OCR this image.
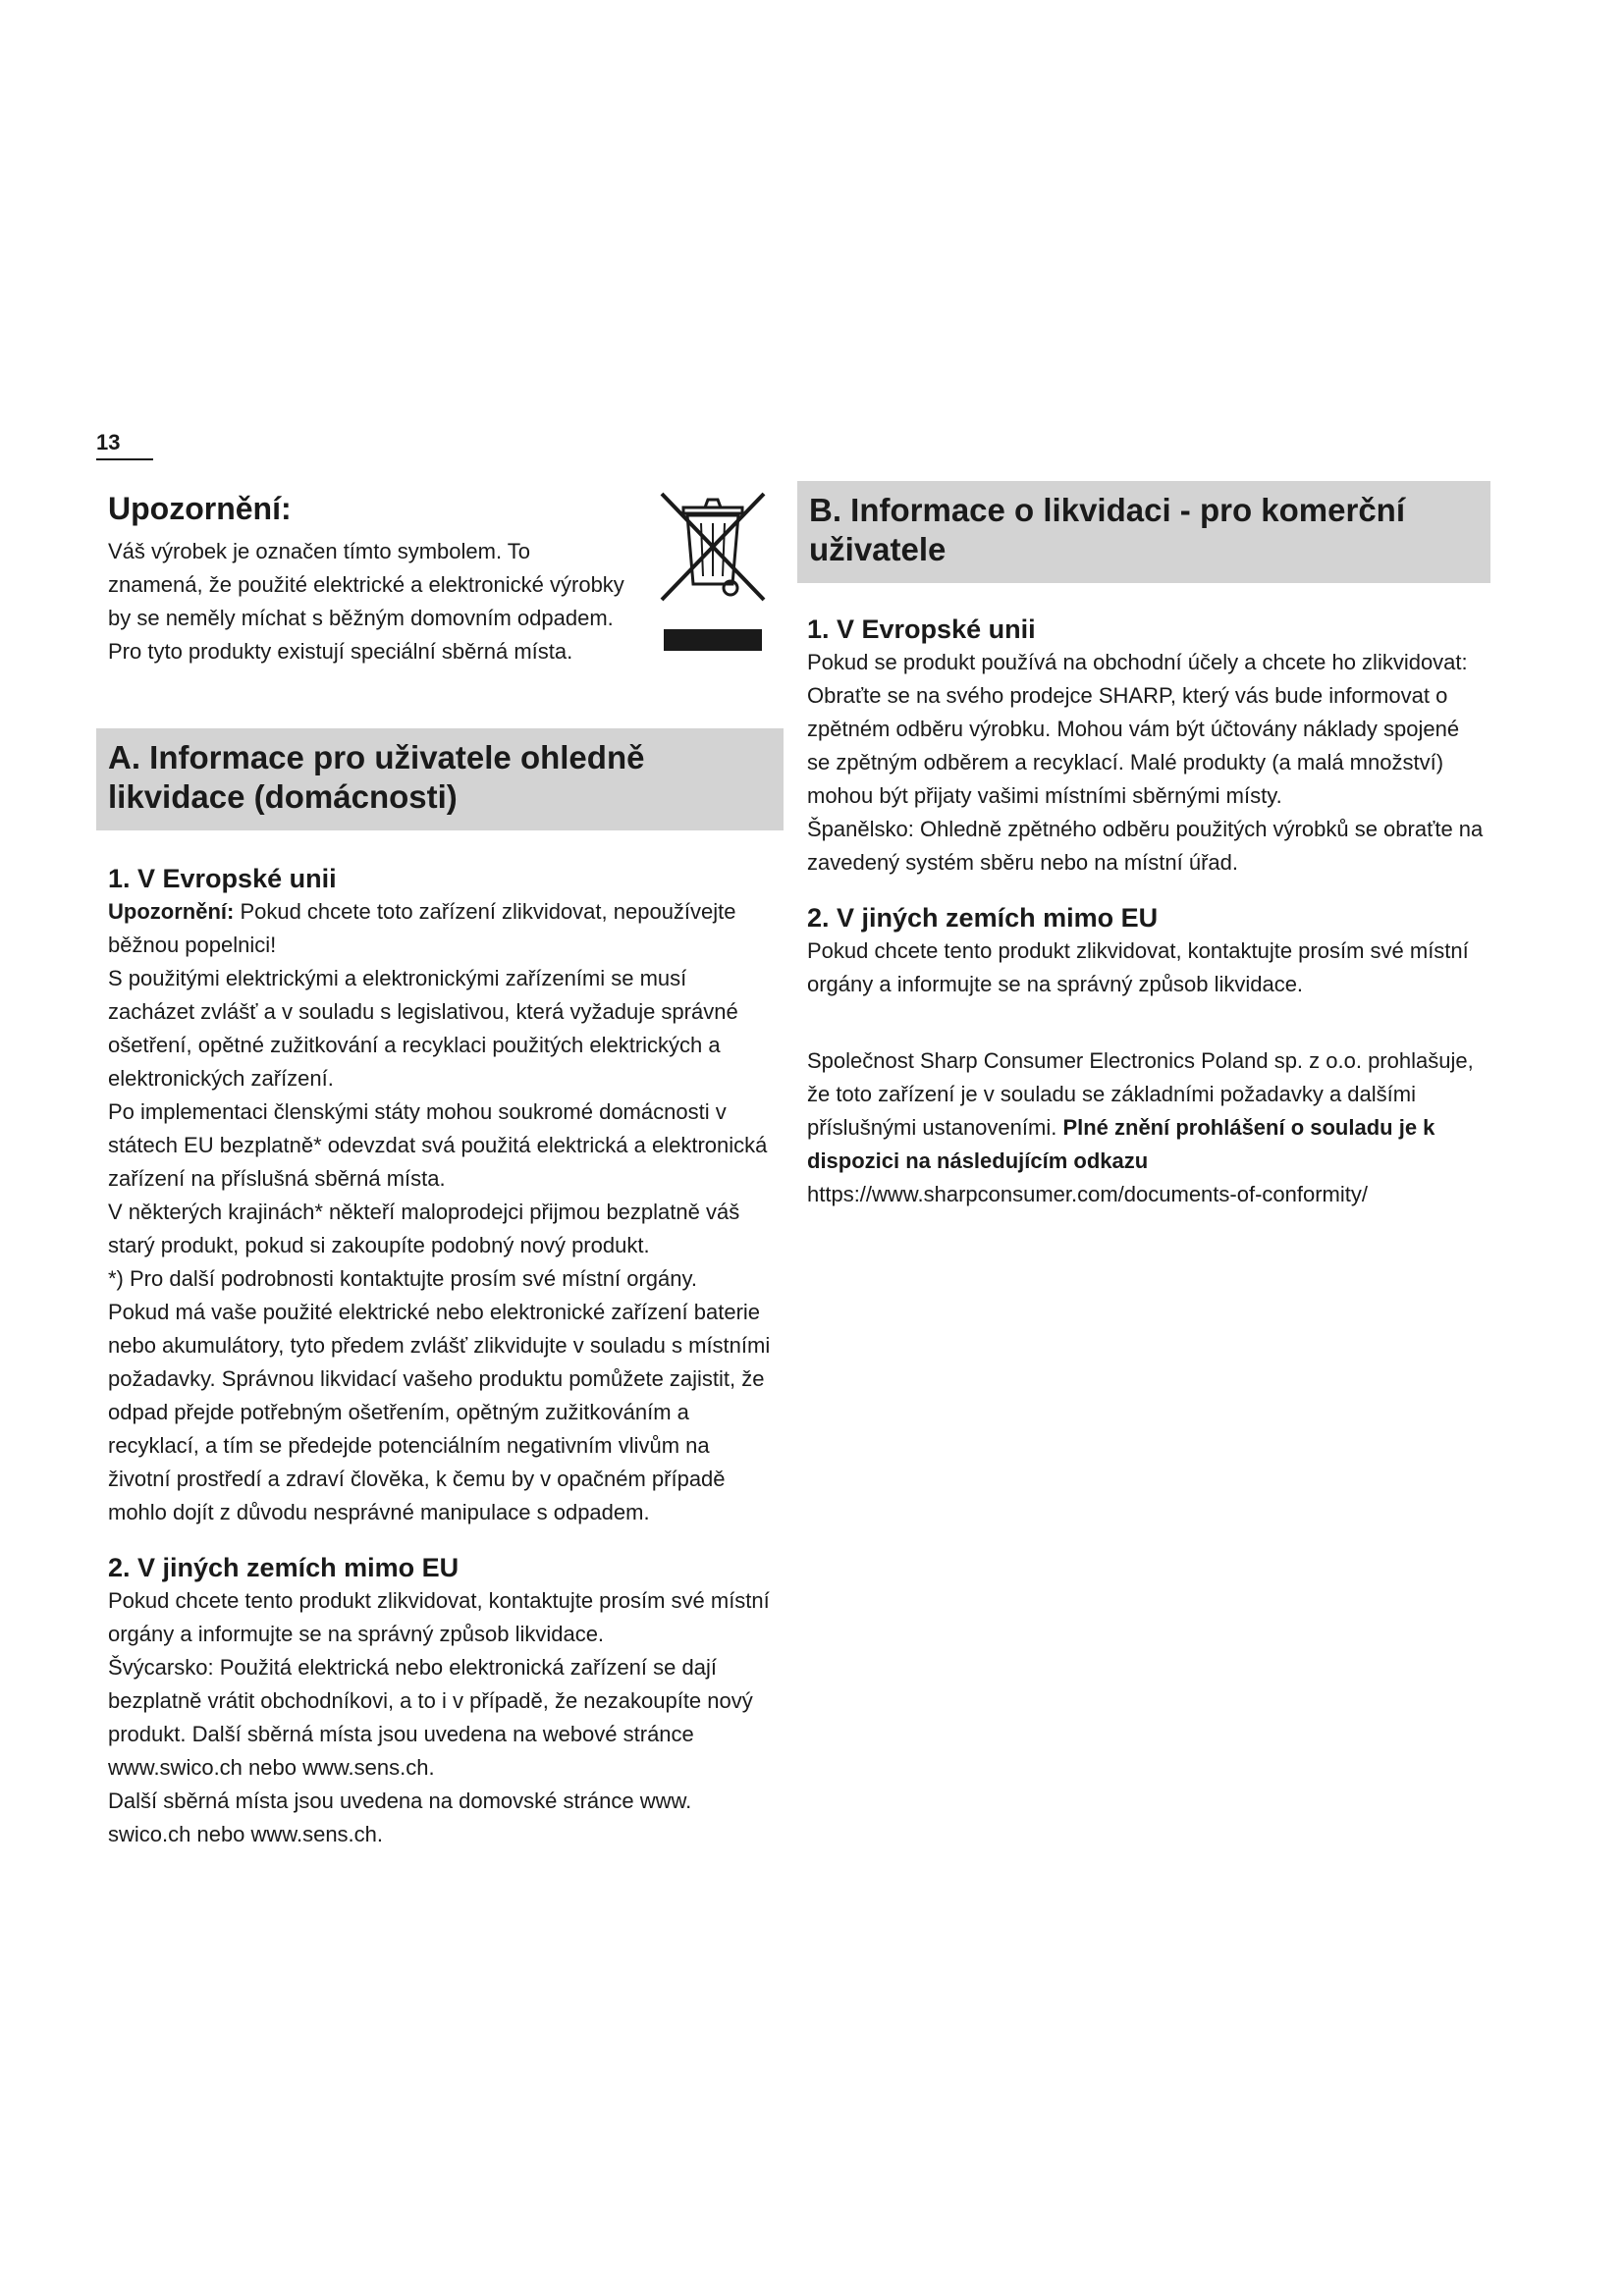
13
Upozornění:
Váš výrobek je označen tímto symbolem. To znamená, že použité elektrické a elektronické výrobky by se neměly míchat s běžným domovním odpadem. Pro tyto produkty existují speciální sběrná místa.
A. Informace pro uživatele ohledně likvidace (domácnosti)
1. V Evropské unii

Upozornění: Pokud chcete toto zařízení zlikvidovat, nepoužívejte běžnou popelnici!

S použitými elektrickými a elektronickými zařízeními se musí zacházet zvlášť a v souladu s legislativou, která vyžaduje správné ošetření, opětné zužitkování a recyklaci použitých elektrických a elektronických zařízení.

Po implementaci členskými státy mohou soukromé domácnosti v státech EU bezplatně* odevzdat svá použitá elektrická a elektronická zařízení na příslušná sběrná místa.

V některých krajinách* někteří maloprodejci přijmou bezplatně váš starý produkt, pokud si zakoupíte podobný nový produkt.

*) Pro další podrobnosti kontaktujte prosím své místní orgány.

Pokud má vaše použité elektrické nebo elektronické zařízení baterie nebo akumulátory, tyto předem zvlášť zlikvidujte v souladu s místními požadavky. Správnou likvidací vašeho produktu pomůžete zajistit, že odpad přejde potřebným ošetřením, opětným zužitkováním a recyklací, a tím se předejde potenciálním negativním vlivům na životní prostředí a zdraví člověka, k čemu by v opačném případě mohlo dojít z důvodu nesprávné manipulace s odpadem.

2. V jiných zemích mimo EU

Pokud chcete tento produkt zlikvidovat, kontaktujte prosím své místní orgány a informujte se na správný způsob likvidace.

Švýcarsko: Použitá elektrická nebo elektronická zařízení se dají bezplatně vrátit obchodníkovi, a to i v případě, že nezakoupíte nový produkt. Další sběrná místa jsou uvedena na webové stránce www.swico.ch nebo www.sens.ch.

Další sběrná místa jsou uvedena na domovské stránce www. swico.ch nebo www.sens.ch.

B. Informace o likvidaci - pro komerční uživatele
1. V Evropské unii

Pokud se produkt používá na obchodní účely a chcete ho zlikvidovat:

Obraťte se na svého prodejce SHARP, který vás bude informovat o zpětném odběru výrobku. Mohou vám být účtovány náklady spojené se zpětným odběrem a recyklací. Malé produkty (a malá množství) mohou být přijaty vašimi místními sběrnými místy.

Španělsko: Ohledně zpětného odběru použitých výrobků se obraťte na zavedený systém sběru nebo na místní úřad.

2. V jiných zemích mimo EU

Pokud chcete tento produkt zlikvidovat, kontaktujte prosím své místní orgány a informujte se na správný způsob likvidace.

Společnost Sharp Consumer Electronics Poland sp. z o.o. prohlašuje, že toto zařízení je v souladu se základními požadavky a dalšími příslušnými ustanoveními. Plné znění prohlášení o souladu je k dispozici na následujícím odkazu

https://www.sharpconsumer.com/documents-of-conformity/
